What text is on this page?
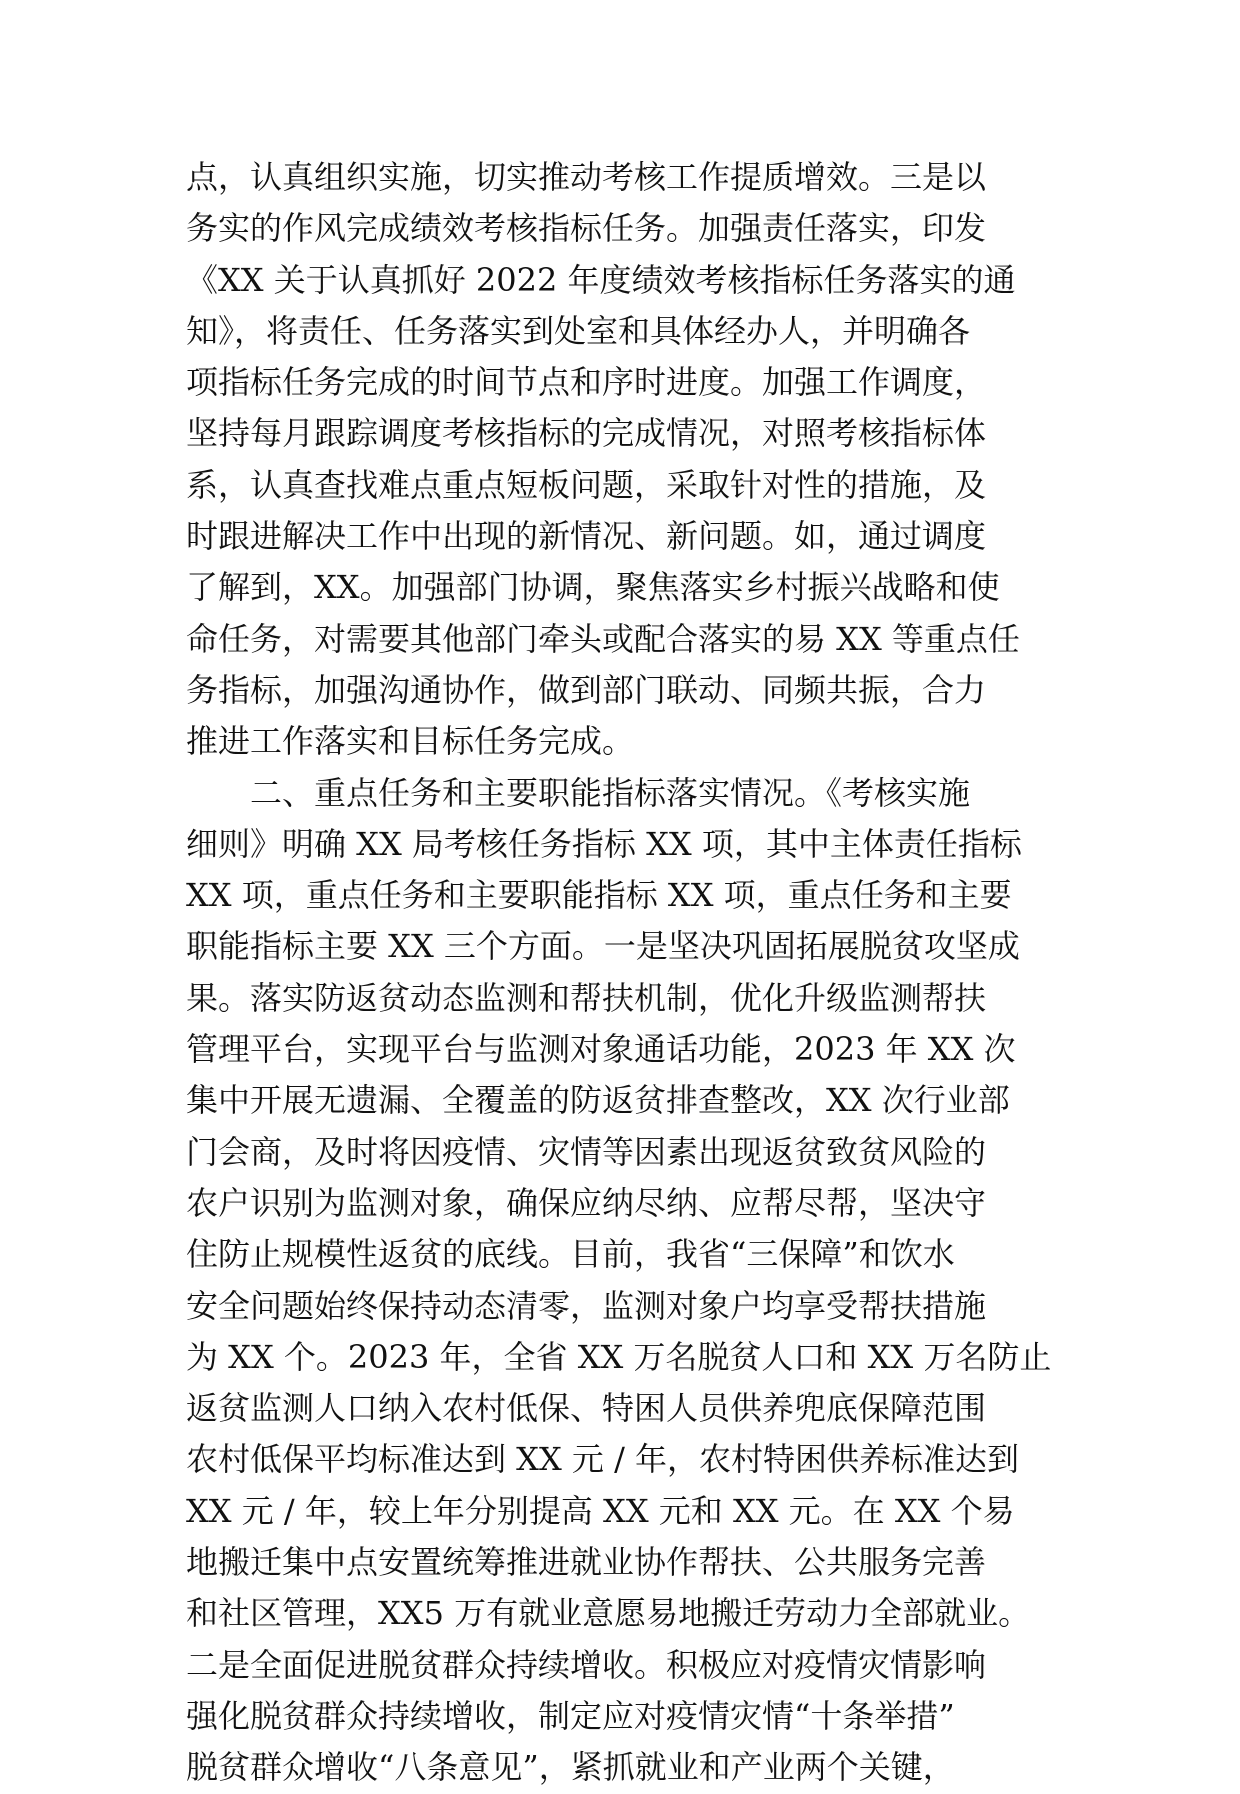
点，认真组织实施，切实推动考核工作提质增效。三是以
务实的作风完成绩效考核指标任务。加强责任落实，印发
《XX 关于认真抓好 2022 年度绩效考核指标任务落实的通
知》，将责任、任务落实到处室和具体经办人，并明确各
项指标任务完成的时间节点和序时进度。加强工作调度，
坚持每月跟踪调度考核指标的完成情况，对照考核指标体
系，认真查找难点重点短板问题，采取针对性的措施，及
时跟进解决工作中出现的新情况、新问题。如，通过调度
了解到，XX。加强部门协调，聚焦落实乡村振兴战略和使
命任务，对需要其他部门牵头或配合落实的易 XX 等重点任
务指标，加强沟通协作，做到部门联动、同频共振，合力
推进工作落实和目标任务完成。
二、重点任务和主要职能指标落实情况。《考核实施
细则》明确 XX 局考核任务指标 XX 项，其中主体责任指标
XX 项，重点任务和主要职能指标 XX 项，重点任务和主要
职能指标主要 XX 三个方面。一是坚决巩固拓展脱贫攻坚成
果。落实防返贫动态监测和帮扶机制，优化升级监测帮扶
管理平台，实现平台与监测对象通话功能，2023 年 XX 次
集中开展无遗漏、全覆盖的防返贫排查整改，XX 次行业部
门会商，及时将因疫情、灾情等因素出现返贫致贫风险的
农户识别为监测对象，确保应纳尽纳、应帮尽帮，坚决守
住防止规模性返贫的底线。目前，我省“三保障”和饮水
安全问题始终保持动态清零，监测对象户均享受帮扶措施
为 XX 个。2023 年，全省 XX 万名脱贫人口和 XX 万名防止
返贫监测人口纳入农村低保、特困人员供养兜底保障范围
农村低保平均标准达到 XX 元 / 年，农村特困供养标准达到
XX 元 / 年，较上年分别提高 XX 元和 XX 元。在 XX 个易
地搬迁集中点安置统筹推进就业协作帮扶、公共服务完善
和社区管理，XX5 万有就业意愿易地搬迁劳动力全部就业。
二是全面促进脱贫群众持续增收。积极应对疫情灾情影响
强化脱贫群众持续增收，制定应对疫情灾情“十条举措”
脱贫群众增收“八条意见”，紧抓就业和产业两个关键，
